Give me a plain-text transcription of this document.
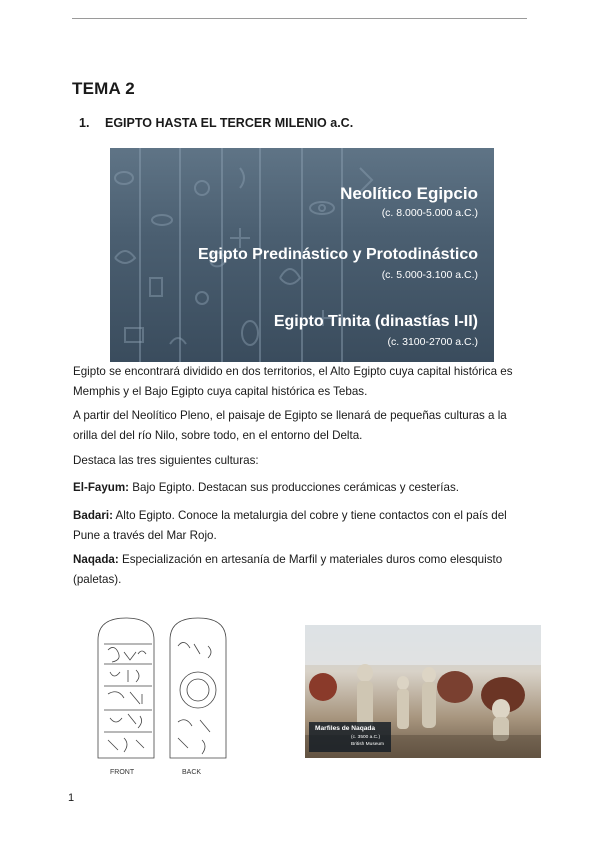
TEMA 2
1. EGIPTO HASTA EL TERCER MILENIO a.C.
Neolítico Egipcio
(c. 8.000-5.000 a.C.)
Egipto Predinástico y Protodinástico
(c. 5.000-3.100 a.C.)
Egipto Tinita (dinastías I-II)
(c. 3100-2700 a.C.)

Egipto se encontrará dividido en dos territorios, el Alto Egipto cuya capital histórica es Memphis y el Bajo Egipto cuya capital histórica es Tebas.

A partir del Neolítico Pleno, el paisaje de Egipto se llenará de pequeñas culturas a la orilla del del río Nilo, sobre todo, en el entorno del Delta.

Destaca las tres siguientes culturas:

El-Fayum: Bajo Egipto. Destacan sus producciones cerámicas y cesterías.

Badari: Alto Egipto. Conoce la metalurgia del cobre y tiene contactos con el país del Pune a través del Mar Rojo.

Naqada: Especialización en artesanía de Marfil y materiales duros como elesquisto (paletas).

FRONT	BACK
Marfiles de Naqada
(c. 3500 a.C.)
British Museum
1
